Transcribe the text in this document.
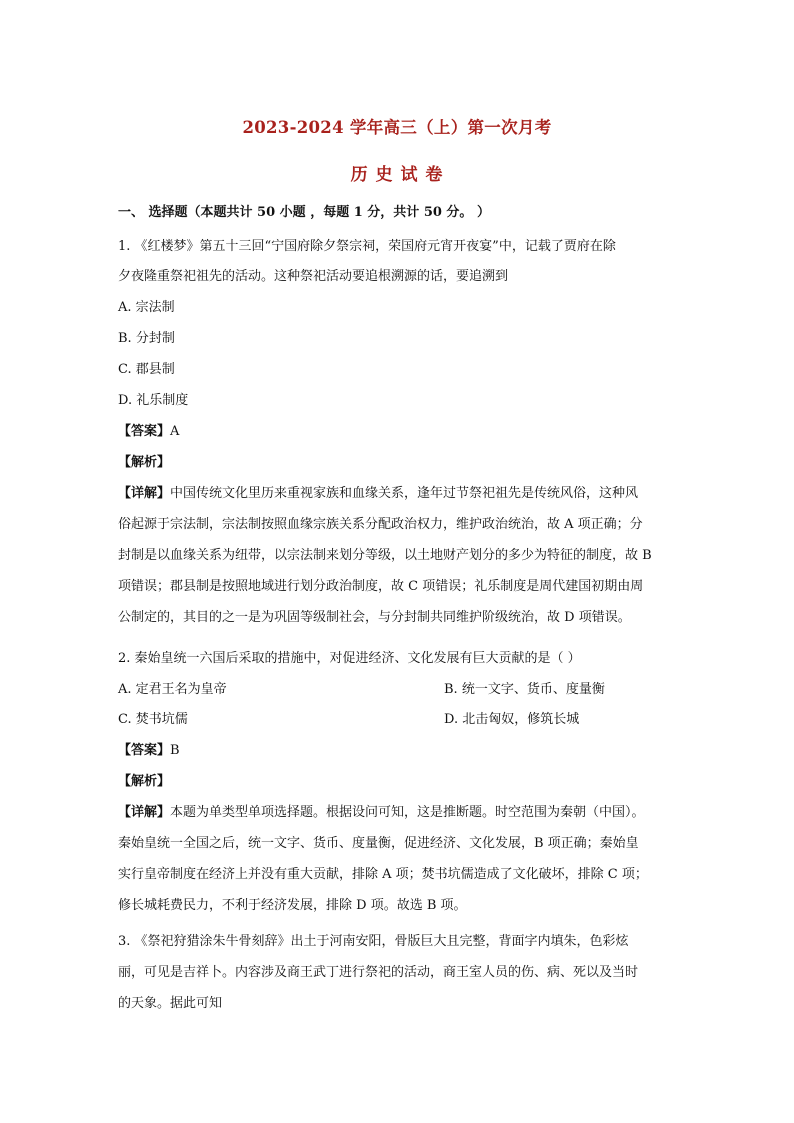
2023-2024 学年高三（上）第一次月考
历 史 试 卷
一、 选择题（本题共计 50 小题 ，每题 1 分，共计 50 分。 ）
1. 《红楼梦》第五十三回“宁国府除夕祭宗祠，荣国府元宵开夜宴”中，记载了贾府在除
夕夜隆重祭祀祖先的活动。这种祭祀活动要追根溯源的话，要追溯到
A. 宗法制
B. 分封制
C. 郡县制
D. 礼乐制度
【答案】A
【解析】
【详解】中国传统文化里历来重视家族和血缘关系，逢年过节祭祀祖先是传统风俗，这种风
俗起源于宗法制，宗法制按照血缘宗族关系分配政治权力，维护政治统治，故 A 项正确；分
封制是以血缘关系为纽带，以宗法制来划分等级，以土地财产划分的多少为特征的制度，故 B
项错误；郡县制是按照地域进行划分政治制度，故 C 项错误；礼乐制度是周代建国初期由周
公制定的，其目的之一是为巩固等级制社会，与分封制共同维护阶级统治，故 D 项错误。
2. 秦始皇统一六国后采取的措施中，对促进经济、文化发展有巨大贡献的是（ ）
A. 定君王名为皇帝	B. 统一文字、货币、度量衡
C. 焚书坑儒	D. 北击匈奴，修筑长城
【答案】B
【解析】
【详解】本题为单类型单项选择题。根据设问可知，这是推断题。时空范围为秦朝（中国）。
秦始皇统一全国之后，统一文字、货币、度量衡，促进经济、文化发展，B 项正确；秦始皇
实行皇帝制度在经济上并没有重大贡献，排除 A 项；焚书坑儒造成了文化破坏，排除 C 项；
修长城耗费民力，不利于经济发展，排除 D 项。故选 B 项。
3. 《祭祀狩猎涂朱牛骨刻辞》出土于河南安阳，骨版巨大且完整，背面字内填朱，色彩炫
丽，可见是吉祥卜。内容涉及商王武丁进行祭祀的活动，商王室人员的伤、病、死以及当时
的天象。据此可知
